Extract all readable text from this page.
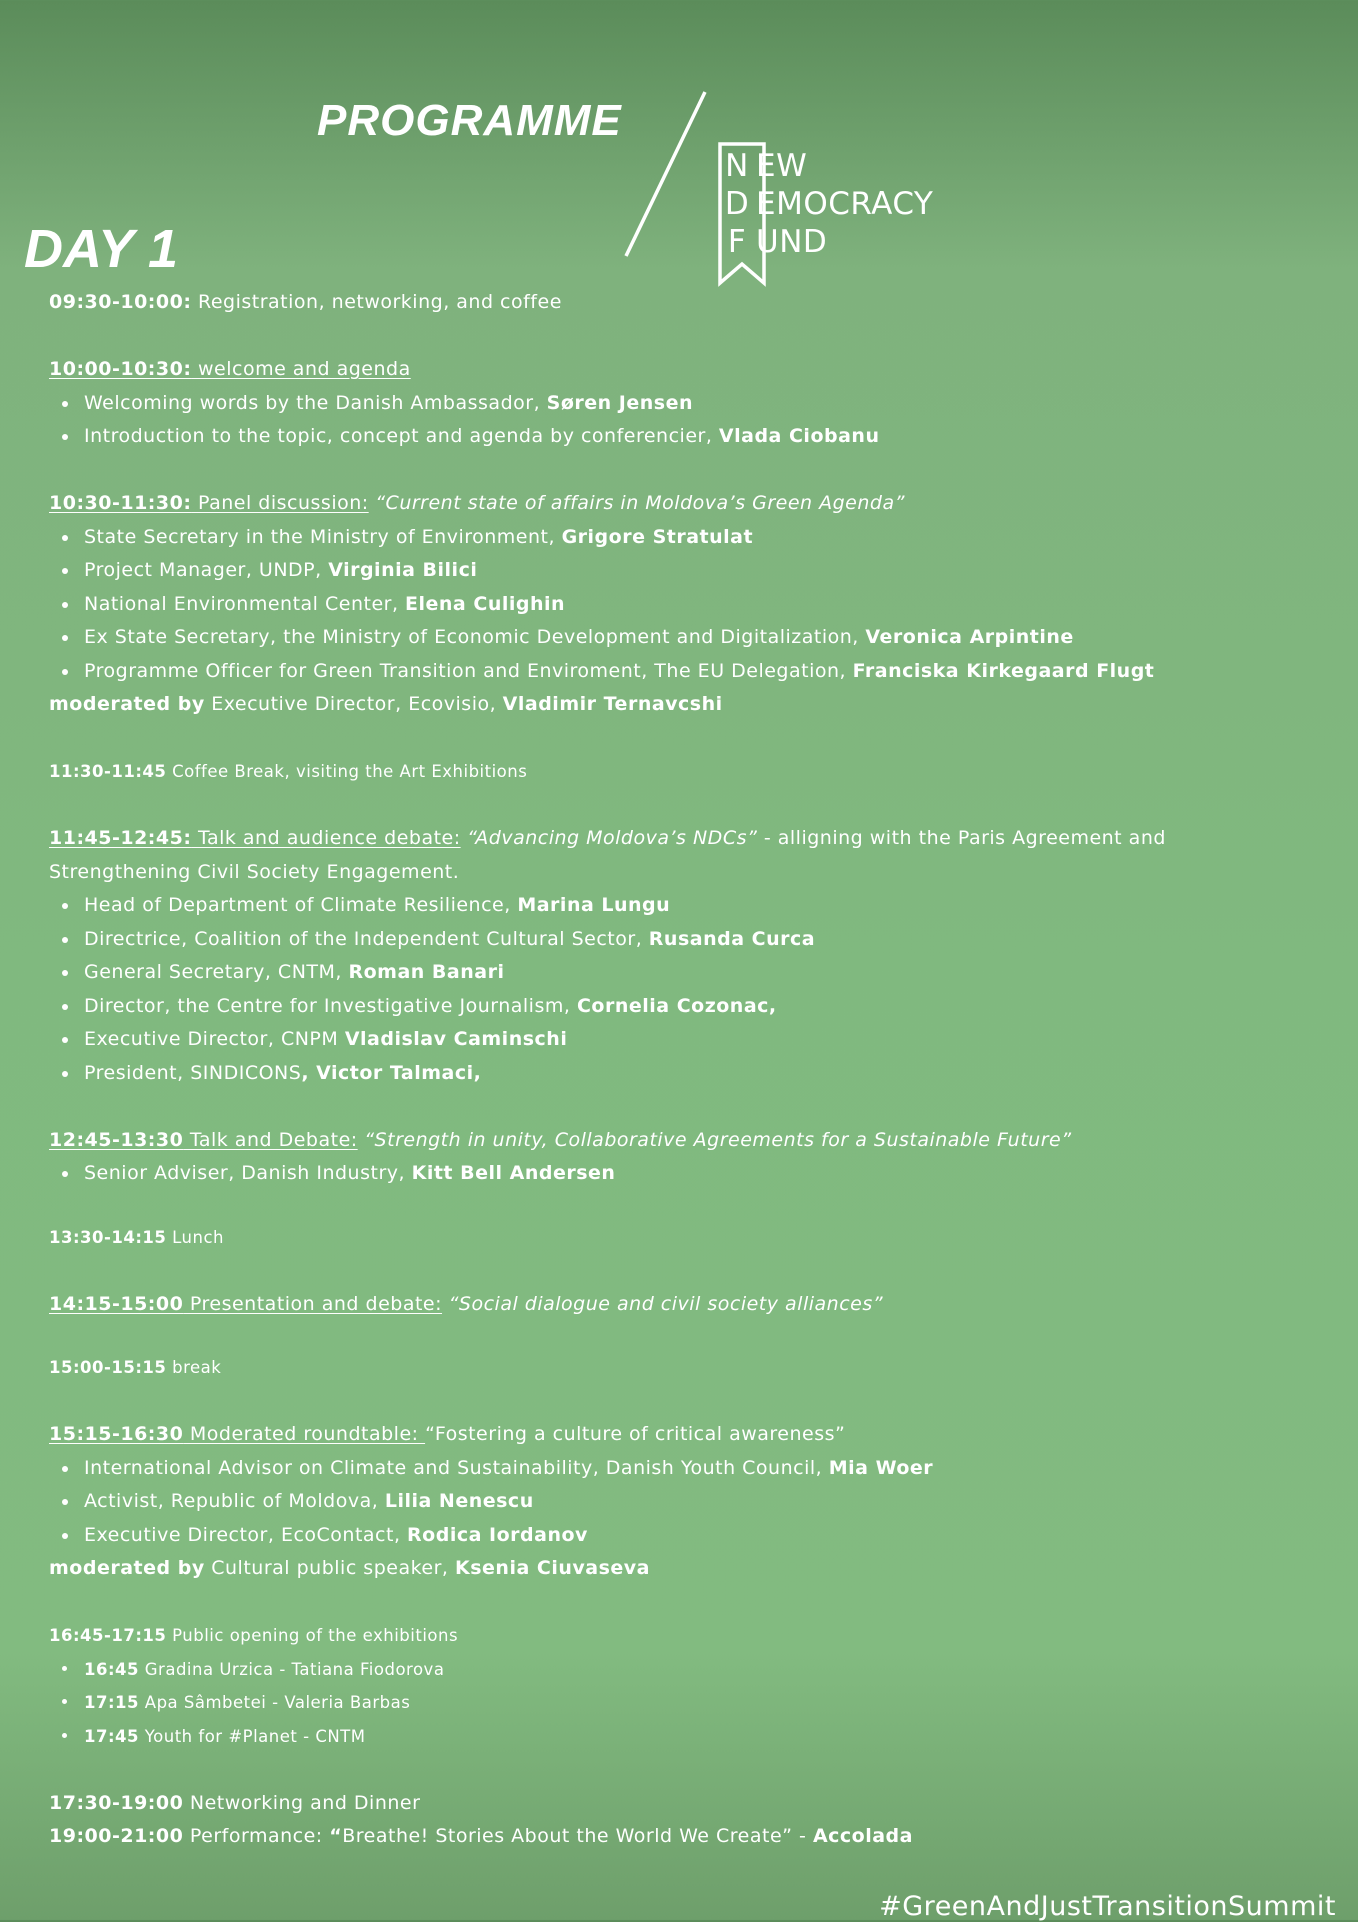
PROGRAMME
N EW
D EMOCRACY
F UND
DAY 1
09:30-10:00: Registration, networking, and coffee
10:00-10:30: welcome and agenda
Welcoming words by the Danish Ambassador, Søren Jensen
Introduction to the topic, concept and agenda by conferencier, Vlada Ciobanu
10:30-11:30: Panel discussion: “Current state of affairs in Moldova’s Green Agenda”
State Secretary in the Ministry of Environment, Grigore Stratulat
Project Manager, UNDP, Virginia Bilici
National Environmental Center, Elena Culighin
Ex State Secretary, the Ministry of Economic Development and Digitalization, Veronica Arpintine
Programme Officer for Green Transition and Enviroment, The EU Delegation, Franciska Kirkegaard Flugt
moderated by Executive Director, Ecovisio, Vladimir Ternavcshi
11:30-11:45 Coffee Break, visiting the Art Exhibitions
11:45-12:45: Talk and audience debate: “Advancing Moldova’s NDCs” - alligning with the Paris Agreement and
Strengthening Civil Society Engagement.
Head of Department of Climate Resilience, Marina Lungu
Directrice, Coalition of the Independent Cultural Sector, Rusanda Curca
General Secretary, CNTM, Roman Banari
Director, the Centre for Investigative Journalism, Cornelia Cozonac,
Executive Director, CNPM Vladislav Caminschi
President, SINDICONS, Victor Talmaci,
12:45-13:30 Talk and Debate: “Strength in unity, Collaborative Agreements for a Sustainable Future”
Senior Adviser, Danish Industry, Kitt Bell Andersen
13:30-14:15 Lunch
14:15-15:00 Presentation and debate: “Social dialogue and civil society alliances”
15:00-15:15 break
15:15-16:30 Moderated roundtable: “Fostering a culture of critical awareness”
International Advisor on Climate and Sustainability, Danish Youth Council, Mia Woer
Activist, Republic of Moldova, Lilia Nenescu
Executive Director, EcoContact, Rodica Iordanov
moderated by Cultural public speaker, Ksenia Ciuvaseva
16:45-17:15 Public opening of the exhibitions
16:45 Gradina Urzica - Tatiana Fiodorova
17:15 Apa Sâmbetei - Valeria Barbas
17:45 Youth for #Planet - CNTM
17:30-19:00 Networking and Dinner
19:00-21:00 Performance: “Breathe! Stories About the World We Create” - Accolada
#GreenAndJustTransitionSummit
